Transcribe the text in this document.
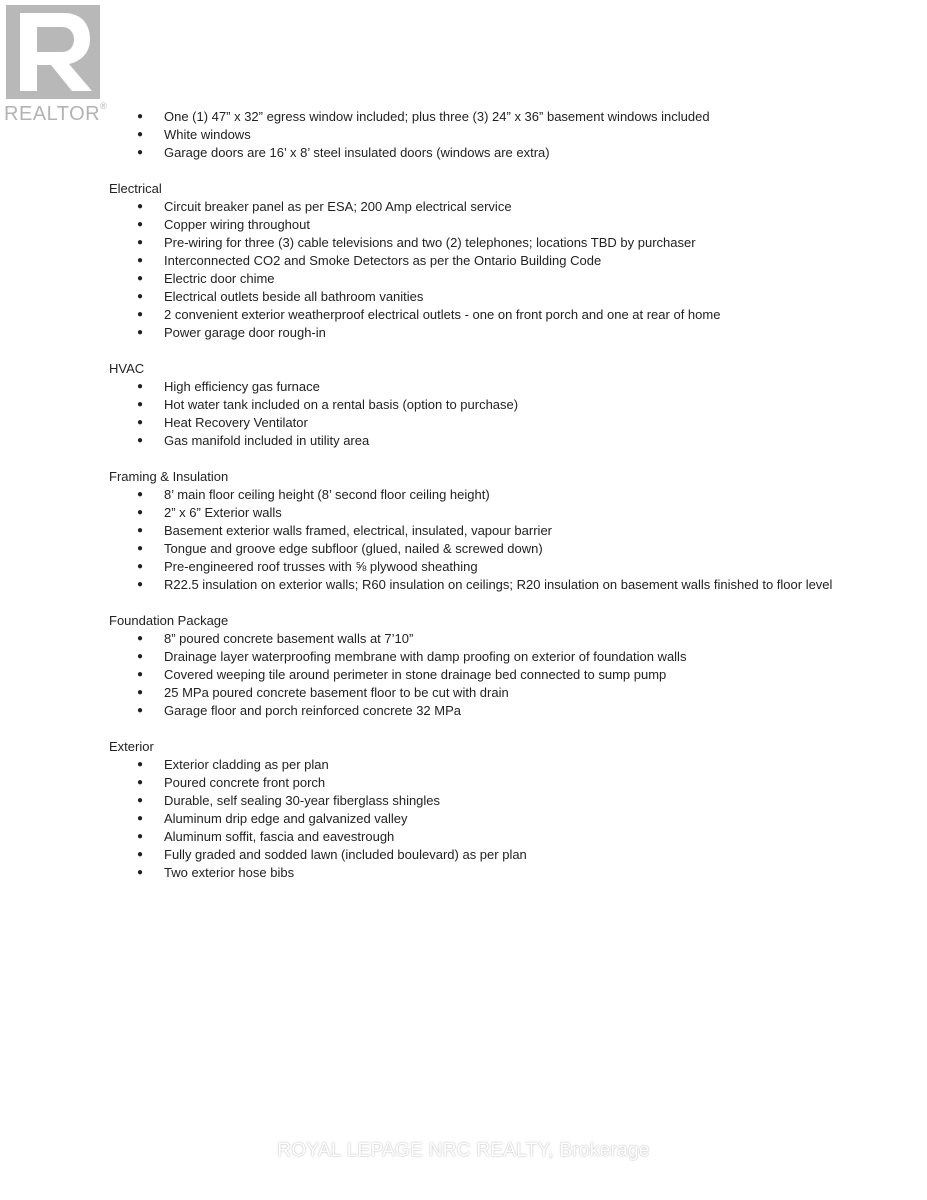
REALTOR®
● One (1) 47” x 32” egress window included; plus three (3) 24” x 36” basement windows included
● White windows
● Garage doors are 16’ x 8’ steel insulated doors (windows are extra)
Electrical
● Circuit breaker panel as per ESA; 200 Amp electrical service
● Copper wiring throughout
● Pre-wiring for three (3) cable televisions and two (2) telephones; locations TBD by purchaser
● Interconnected CO2 and Smoke Detectors as per the Ontario Building Code
● Electric door chime
● Electrical outlets beside all bathroom vanities
● 2 convenient exterior weatherproof electrical outlets - one on front porch and one at rear of home
● Power garage door rough-in
HVAC
● High efficiency gas furnace
● Hot water tank included on a rental basis (option to purchase)
● Heat Recovery Ventilator
● Gas manifold included in utility area
Framing & Insulation
● 8’ main floor ceiling height (8’ second floor ceiling height)
● 2” x 6” Exterior walls
● Basement exterior walls framed, electrical, insulated, vapour barrier
● Tongue and groove edge subfloor (glued, nailed & screwed down)
● Pre-engineered roof trusses with ⅝ plywood sheathing
● R22.5 insulation on exterior walls; R60 insulation on ceilings; R20 insulation on basement walls finished to floor level
Foundation Package
● 8” poured concrete basement walls at 7’10”
● Drainage layer waterproofing membrane with damp proofing on exterior of foundation walls
● Covered weeping tile around perimeter in stone drainage bed connected to sump pump
● 25 MPa poured concrete basement floor to be cut with drain
● Garage floor and porch reinforced concrete 32 MPa
Exterior
● Exterior cladding as per plan
● Poured concrete front porch
● Durable, self sealing 30-year fiberglass shingles
● Aluminum drip edge and galvanized valley
● Aluminum soffit, fascia and eavestrough
● Fully graded and sodded lawn (included boulevard) as per plan
● Two exterior hose bibs
ROYAL LEPAGE NRC REALTY, Brokerage
